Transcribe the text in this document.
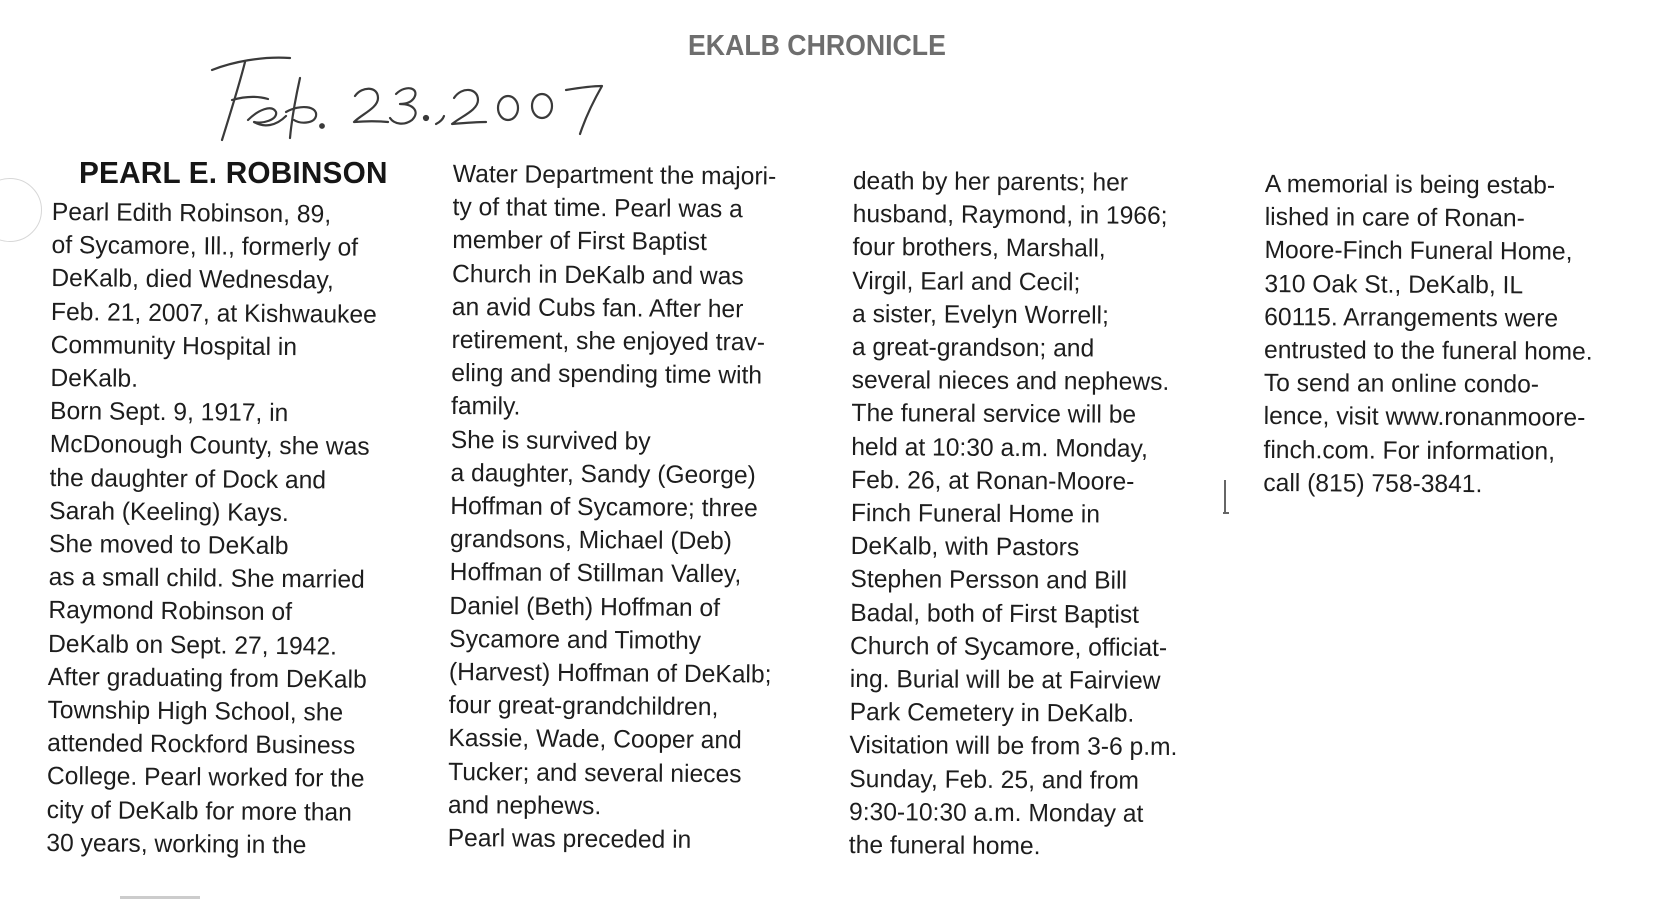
EKALB CHRONICLE
PEARL E. ROBINSON
Pearl Edith Robinson, 89,
of Sycamore, Ill., formerly of
DeKalb, died Wednesday,
Feb. 21, 2007, at Kishwaukee
Community Hospital in
DeKalb.
Born Sept. 9, 1917, in
McDonough County, she was
the daughter of Dock and
Sarah (Keeling) Kays.
She moved to DeKalb
as a small child. She married
Raymond Robinson of
DeKalb on Sept. 27, 1942.
After graduating from DeKalb
Township High School, she
attended Rockford Business
College. Pearl worked for the
city of DeKalb for more than
30 years, working in the
Water Department the majori-
ty of that time. Pearl was a
member of First Baptist
Church in DeKalb and was
an avid Cubs fan. After her
retirement, she enjoyed trav-
eling and spending time with
family.
She is survived by
a daughter, Sandy (George)
Hoffman of Sycamore; three
grandsons, Michael (Deb)
Hoffman of Stillman Valley,
Daniel (Beth) Hoffman of
Sycamore and Timothy
(Harvest) Hoffman of DeKalb;
four great-grandchildren,
Kassie, Wade, Cooper and
Tucker; and several nieces
and nephews.
Pearl was preceded in
death by her parents; her
husband, Raymond, in 1966;
four brothers, Marshall,
Virgil, Earl and Cecil;
a sister, Evelyn Worrell;
a great-grandson; and
several nieces and nephews.
The funeral service will be
held at 10:30 a.m. Monday,
Feb. 26, at Ronan-Moore-
Finch Funeral Home in
DeKalb, with Pastors
Stephen Persson and Bill
Badal, both of First Baptist
Church of Sycamore, officiat-
ing. Burial will be at Fairview
Park Cemetery in DeKalb.
Visitation will be from 3-6 p.m.
Sunday, Feb. 25, and from
9:30-10:30 a.m. Monday at
the funeral home.
A memorial is being estab-
lished in care of Ronan-
Moore-Finch Funeral Home,
310 Oak St., DeKalb, IL
60115. Arrangements were
entrusted to the funeral home.
To send an online condo-
lence, visit www.ronanmoore-
finch.com. For information,
call (815) 758-3841.
